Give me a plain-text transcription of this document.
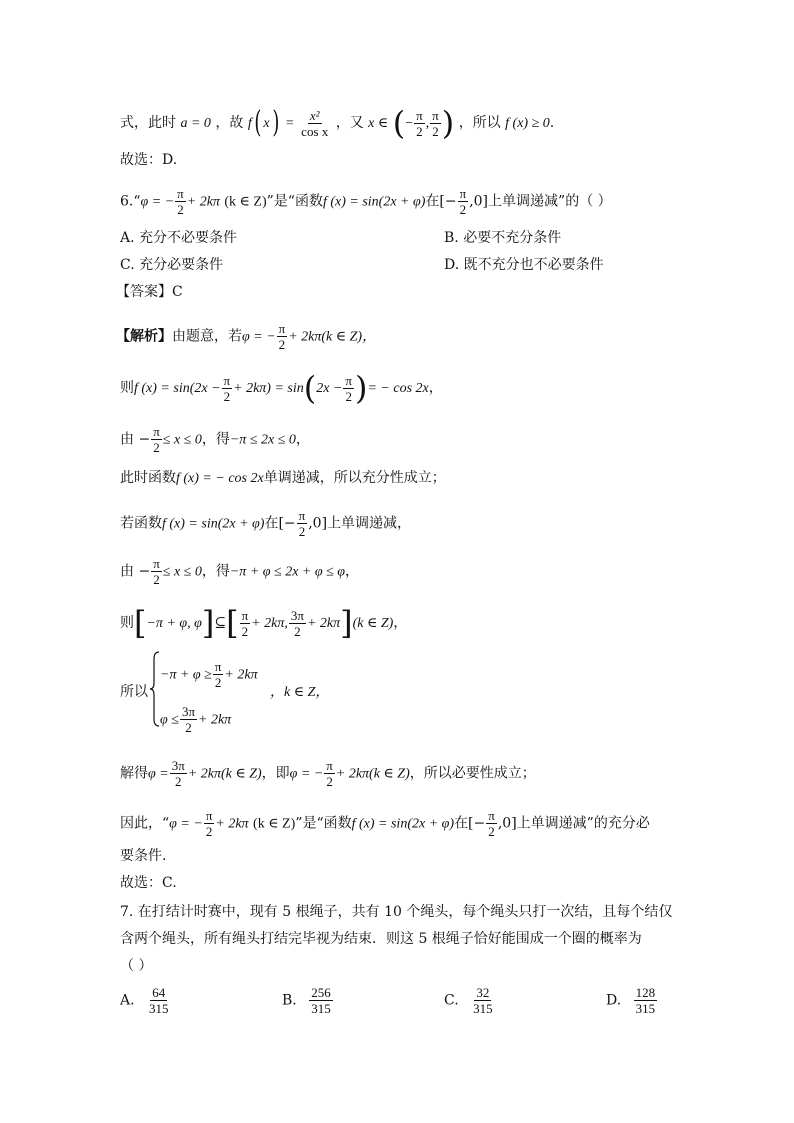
式，此时 a = 0 ，故 f( $x) = \frac{\text{x²}}{\text{cos x}}$ ，又 x ∈ (− $\frac{\pi}{2}$ , $\frac{\pi}{2}$ ) ，所以 f (x) ≥ 0.
故选：D.
6.“φ = − $\frac{\pi}{2} + 2k\pi$ (k ∈ Z)”是“函数f (x) = sin(2x + φ)在[− $\frac{\pi}{2} ,0$]上单调递减”的（ ）
A. 充分不必要条件	B. 必要不充分条件
C. 充分必要条件	D. 既不充分也不必要条件
【答案】C
【解析】由题意，若φ = − $\frac{\pi}{2} + 2k\pi(k$ ∈ Z)，
则f $(x) = \sin(2x - \frac{\pi}{2} + 2k\pi) = \sin(2x - \frac{\pi}{2}$ )= − cos 2x，
由 − $\frac{\pi}{2} \le x \le 0$，得−π ≤ 2x ≤ 0，
此时函数f (x) = − cos 2x单调递减，所以充分性成立；
若函数f (x) = sin(2x + φ)在[− $\frac{\pi}{2} ,0$]上单调递减，
由 − $\frac{\pi}{2} \le x \le 0$，得−π + φ ≤ 2x + φ ≤ φ，
则[−π + φ, φ]⊆[ $\frac{\pi}{2} + 2k\pi$, $\frac{3\pi}{2} + 2k\pi](k$ ∈ Z)，
所以
$-\pi + \varphi \ge \frac{\pi}{2} + 2k\pi$
$\varphi \le \frac{3\pi}{2} + 2k\pi$
，k ∈ Z，
解得$\varphi = \frac{3\pi}{2} + 2k\pi(k$ ∈ Z)，即φ = − $\frac{\pi}{2} + 2k\pi(k$ ∈ Z)，所以必要性成立；
因此，“φ = − $\frac{\pi}{2} + 2k\pi$ (k ∈ Z)”是“函数f (x) = sin(2x + φ)在[− $\frac{\pi}{2} ,0$]上单调递减”的充分必
要条件.
故选：C.
7. 在打结计时赛中，现有 5 根绳子，共有 10 个绳头，每个绳头只打一次结，且每个结仅
含两个绳头，所有绳头打结完毕视为结束．则这 5 根绳子恰好能围成一个圈的概率为
（ ）
A. $\frac{64}{315}$	B. $\frac{256}{315}$	C. $\frac{32}{315}$	D. $\frac{128}{315}$
